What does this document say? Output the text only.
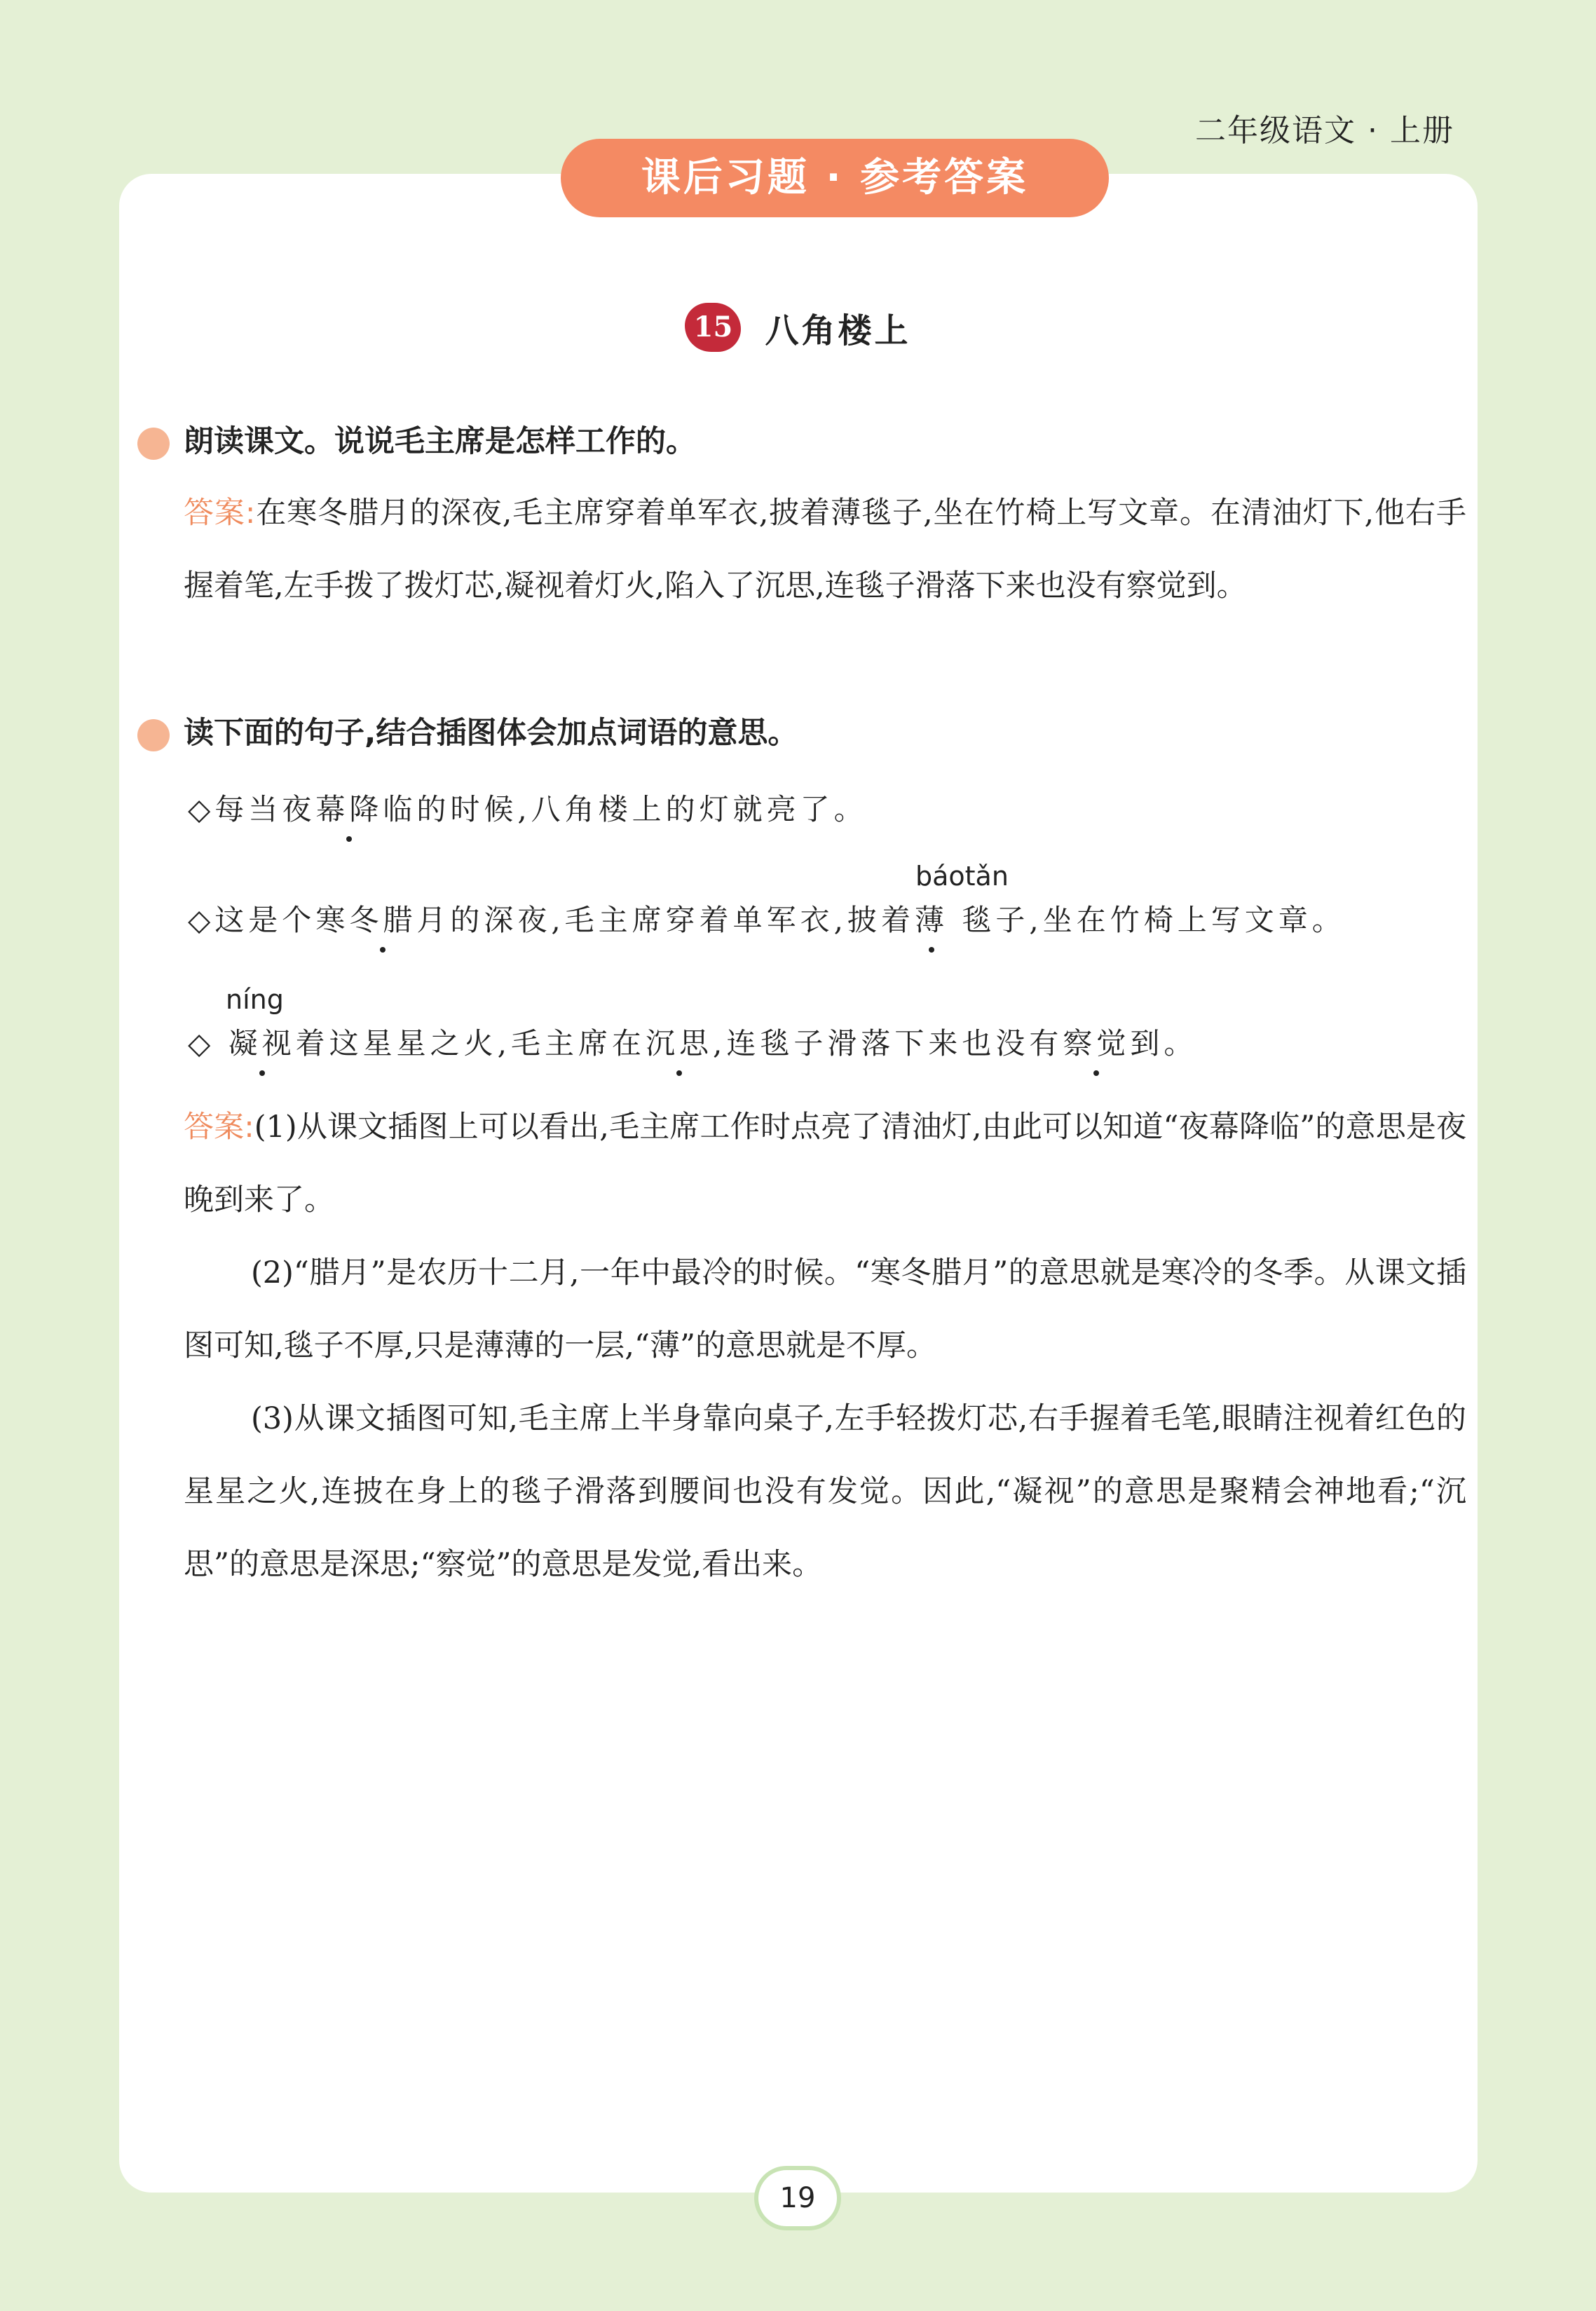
二年级语文 · 上册
课后习题 · 参考答案
15 八角楼上
朗读课文。说说毛主席是怎样工作的。

答案:在寒冬腊月的深夜,毛主席穿着单军衣,披着薄毯子,坐在竹椅上写文章。在清油灯下,他右手握着笔,左手拨了拨灯芯,凝视着灯火,陷入了沉思,连毯子滑落下来也没有察觉到。

读下面的句子,结合插图体会加点词语的意思。
◇每当夜幕降临的时候,八角楼上的灯就亮了。
báotǎn
◇这是个寒冬腊月的深夜,毛主席穿着单军衣,披着薄 毯子,坐在竹椅上写文章。
níng
◇ 凝视着这星星之火,毛主席在沉思,连毯子滑落下来也没有察觉到。

答案:(1)从课文插图上可以看出,毛主席工作时点亮了清油灯,由此可以知道“夜幕降临”的意思是夜晚到来了。

(2)“腊月”是农历十二月,一年中最冷的时候。“寒冬腊月”的意思就是寒冷的冬季。从课文插图可知,毯子不厚,只是薄薄的一层,“薄”的意思就是不厚。

(3)从课文插图可知,毛主席上半身靠向桌子,左手轻拨灯芯,右手握着毛笔,眼睛注视着红色的星星之火,连披在身上的毯子滑落到腰间也没有发觉。因此,“凝视”的意思是聚精会神地看;“沉思”的意思是深思;“察觉”的意思是发觉,看出来。

19
